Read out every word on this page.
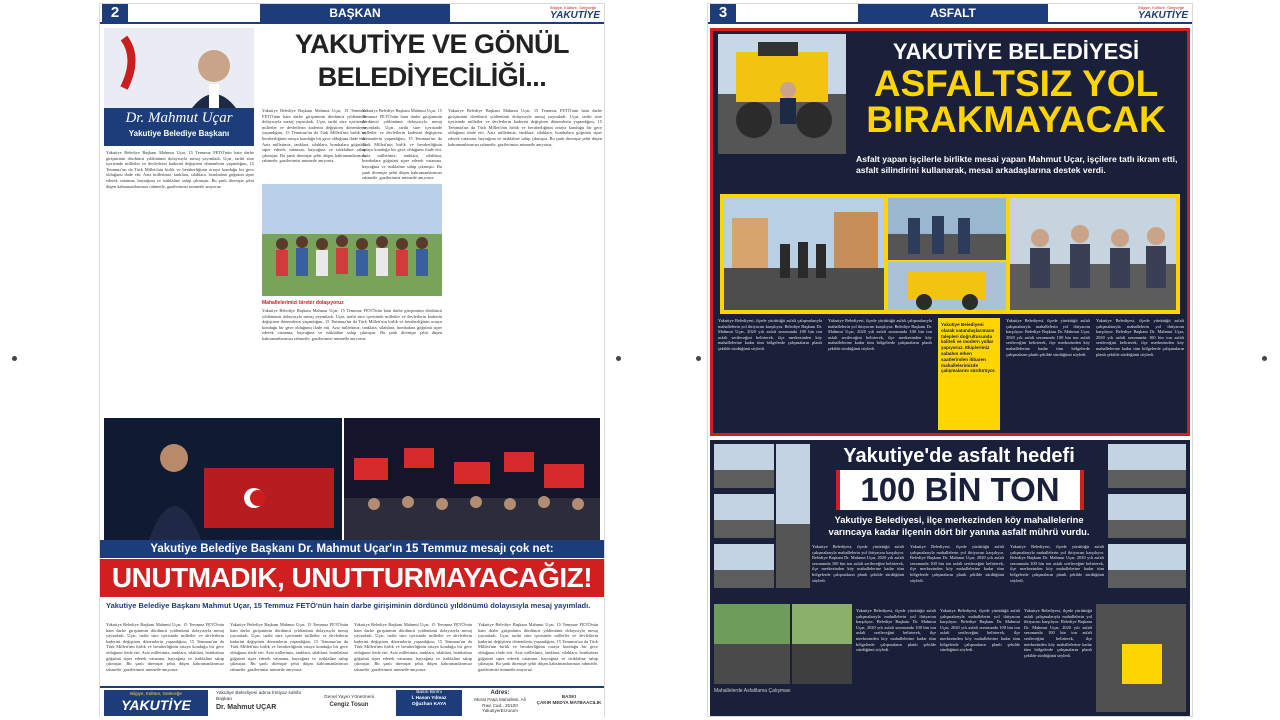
2	BAŞKAN	Bilgiye, Kültüre, Geleceğe
YAKUTİYE
Dr. Mahmut Uçar
Yakutiye Belediye Başkanı
YAKUTİYE VE GÖNÜL
BELEDİYECİLİĞİ...
Yakutiye Belediye Başkanı Mahmut Uçar, 15 Temmuz FETÖ'nün hain darbe girişiminin dördüncü yıldönümü dolayısıyla mesaj yayımladı. Uçar, tarihi süre içerisinde milletler ve devletlerin kaderini değiştiren dönemlerin yaşandığını, 15 Temmuz'un da Türk Milleti'nin birlik ve beraberliğinin ortaya konduğu bir gece olduğunu ifade etti. Aziz milletimiz, tanklara, silahlara, bombalara göğsünü siper ederek vatanına, bayrağına ve istiklaline sahip çıkmıştır. Bu şanlı direnişte şehit düşen kahramanlarımızı rahmetle, gazilerimizi minnetle anıyoruz.
Yakutiye Belediye Başkanı Mahmut Uçar, 15 Temmuz FETÖ'nün hain darbe girişiminin dördüncü yıldönümü dolayısıyla mesaj yayımladı. Uçar, tarihi süre içerisinde milletler ve devletlerin kaderini değiştiren dönemlerin yaşandığını, 15 Temmuz'un da Türk Milleti'nin birlik ve beraberliğinin ortaya konduğu bir gece olduğunu ifade etti. Aziz milletimiz, tanklara, silahlara, bombalara göğsünü siper ederek vatanına, bayrağına ve istiklaline sahip çıkmıştır. Bu şanlı direnişte şehit düşen kahramanlarımızı rahmetle, gazilerimizi minnetle anıyoruz.
Yakutiye Belediye Başkanı Mahmut Uçar, 15 Temmuz FETÖ'nün hain darbe girişiminin dördüncü yıldönümü dolayısıyla mesaj yayımladı. Uçar, tarihi süre içerisinde milletler ve devletlerin kaderini değiştiren dönemlerin yaşandığını, 15 Temmuz'un da Türk Milleti'nin birlik ve beraberliğinin ortaya konduğu bir gece olduğunu ifade etti. Aziz milletimiz, tanklara, silahlara, bombalara göğsünü siper ederek vatanına, bayrağına ve istiklaline sahip çıkmıştır. Bu şanlı direnişte şehit düşen kahramanlarımızı rahmetle, gazilerimizi minnetle anıyoruz.
Yakutiye Belediye Başkanı Mahmut Uçar, 15 Temmuz FETÖ'nün hain darbe girişiminin dördüncü yıldönümü dolayısıyla mesaj yayımladı. Uçar, tarihi süre içerisinde milletler ve devletlerin kaderini değiştiren dönemlerin yaşandığını, 15 Temmuz'un da Türk Milleti'nin birlik ve beraberliğinin ortaya konduğu bir gece olduğunu ifade etti. Aziz milletimiz, tanklara, silahlara, bombalara göğsünü siper ederek vatanına, bayrağına ve istiklaline sahip çıkmıştır. Bu şanlı direnişte şehit düşen kahramanlarımızı rahmetle, gazilerimizi minnetle anıyoruz.
Mahallelerimizi birebir dolaşıyoruz
Yakutiye Belediye Başkanı Mahmut Uçar, 15 Temmuz FETÖ'nün hain darbe girişiminin dördüncü yıldönümü dolayısıyla mesaj yayımladı. Uçar, tarihi süre içerisinde milletler ve devletlerin kaderini değiştiren dönemlerin yaşandığını, 15 Temmuz'un da Türk Milleti'nin birlik ve beraberliğinin ortaya konduğu bir gece olduğunu ifade etti. Aziz milletimiz, tanklara, silahlara, bombalara göğsünü siper ederek vatanına, bayrağına ve istiklaline sahip çıkmıştır. Bu şanlı direnişte şehit düşen kahramanlarımızı rahmetle, gazilerimizi minnetle anıyoruz.
Yakutiye Belediye Başkanı Dr. Mahmut Uçar'ın 15 Temmuz mesajı çok net:
UNUTMADIK, UNUTTURMAYACAĞIZ!
Yakutiye Belediye Başkanı Mahmut Uçar, 15 Temmuz FETÖ'nün hain darbe girişiminin dördüncü yıldönümü dolayısıyla mesaj yayımladı.
Yakutiye Belediye Başkanı Mahmut Uçar, 15 Temmuz FETÖ'nün hain darbe girişiminin dördüncü yıldönümü dolayısıyla mesaj yayımladı. Uçar, tarihi süre içerisinde milletler ve devletlerin kaderini değiştiren dönemlerin yaşandığını, 15 Temmuz'un da Türk Milleti'nin birlik ve beraberliğinin ortaya konduğu bir gece olduğunu ifade etti. Aziz milletimiz, tanklara, silahlara, bombalara göğsünü siper ederek vatanına, bayrağına ve istiklaline sahip çıkmıştır. Bu şanlı direnişte şehit düşen kahramanlarımızı rahmetle, gazilerimizi minnetle anıyoruz.
Yakutiye Belediye Başkanı Mahmut Uçar, 15 Temmuz FETÖ'nün hain darbe girişiminin dördüncü yıldönümü dolayısıyla mesaj yayımladı. Uçar, tarihi süre içerisinde milletler ve devletlerin kaderini değiştiren dönemlerin yaşandığını, 15 Temmuz'un da Türk Milleti'nin birlik ve beraberliğinin ortaya konduğu bir gece olduğunu ifade etti. Aziz milletimiz, tanklara, silahlara, bombalara göğsünü siper ederek vatanına, bayrağına ve istiklaline sahip çıkmıştır. Bu şanlı direnişte şehit düşen kahramanlarımızı rahmetle, gazilerimizi minnetle anıyoruz.
Yakutiye Belediye Başkanı Mahmut Uçar, 15 Temmuz FETÖ'nün hain darbe girişiminin dördüncü yıldönümü dolayısıyla mesaj yayımladı. Uçar, tarihi süre içerisinde milletler ve devletlerin kaderini değiştiren dönemlerin yaşandığını, 15 Temmuz'un da Türk Milleti'nin birlik ve beraberliğinin ortaya konduğu bir gece olduğunu ifade etti. Aziz milletimiz, tanklara, silahlara, bombalara göğsünü siper ederek vatanına, bayrağına ve istiklaline sahip çıkmıştır. Bu şanlı direnişte şehit düşen kahramanlarımızı rahmetle, gazilerimizi minnetle anıyoruz.
Yakutiye Belediye Başkanı Mahmut Uçar, 15 Temmuz FETÖ'nün hain darbe girişiminin dördüncü yıldönümü dolayısıyla mesaj yayımladı. Uçar, tarihi süre içerisinde milletler ve devletlerin kaderini değiştiren dönemlerin yaşandığını, 15 Temmuz'un da Türk Milleti'nin birlik ve beraberliğinin ortaya konduğu bir gece olduğunu ifade etti. Aziz milletimiz, tanklara, silahlara, bombalara göğsünü siper ederek vatanına, bayrağına ve istiklaline sahip çıkmıştır. Bu şanlı direnişte şehit düşen kahramanlarımızı rahmetle, gazilerimizi minnetle anıyoruz.
Bilgiye, Kültüre, Geleceğe
YAKUTİYE
Yakutiye Belediyesi adına İmtiyaz sahibi Başkan
Dr. Mahmut UÇAR
Genel Yayın Yönetmeni
Cengiz Tosun
Basın Birimi
İ. Hasan Yılmaz
Oğuzhan KAYA
Adres:
Murat Paşa Mahallesi, Ali Ravi Cad., 25100 Yakutiye/Erzurum
BASKI
ÇAKIR MEDYA MATBAACILIK
3	ASFALT	Bilgiye, Kültüre, Geleceğe
YAKUTİYE
YAKUTİYE BELEDİYESİ
ASFALTSIZ YOL
BIRAKMAYACAK
Asfalt yapan işçilerle birlikte mesai yapan Mahmut Uçar, işçilere tatlı ikram etti, asfalt silindirini kullanarak, mesai arkadaşlarına destek verdi.
Yakutiye Belediyesi, ilçede yürüttüğü asfalt çalışmalarıyla mahallelerin yol ihtiyacını karşılıyor. Belediye Başkanı Dr. Mahmut Uçar, 2020 yılı asfalt sezonunda 100 bin ton asfalt serileceğini belirterek, ilçe merkezinden köy mahallelerine kadar tüm bölgelerde çalışmaların planlı şekilde sürdüğünü söyledi.
Yakutiye Belediyesi, ilçede yürüttüğü asfalt çalışmalarıyla mahallelerin yol ihtiyacını karşılıyor. Belediye Başkanı Dr. Mahmut Uçar, 2020 yılı asfalt sezonunda 100 bin ton asfalt serileceğini belirterek, ilçe merkezinden köy mahallelerine kadar tüm bölgelerde çalışmaların planlı şekilde sürdüğünü söyledi.
Yakutiye Belediyesi olarak vatandaşlarımızın talepleri doğrultusunda kaliteli ve modern yollar yapıyoruz. Ekiplerimiz sabahın erken saatlerinden itibaren mahallelerimizde çalışmalarını sürdürüyor.
Yakutiye Belediyesi, ilçede yürüttüğü asfalt çalışmalarıyla mahallelerin yol ihtiyacını karşılıyor. Belediye Başkanı Dr. Mahmut Uçar, 2020 yılı asfalt sezonunda 100 bin ton asfalt serileceğini belirterek, ilçe merkezinden köy mahallelerine kadar tüm bölgelerde çalışmaların planlı şekilde sürdüğünü söyledi.
Yakutiye Belediyesi, ilçede yürüttüğü asfalt çalışmalarıyla mahallelerin yol ihtiyacını karşılıyor. Belediye Başkanı Dr. Mahmut Uçar, 2020 yılı asfalt sezonunda 100 bin ton asfalt serileceğini belirterek, ilçe merkezinden köy mahallelerine kadar tüm bölgelerde çalışmaların planlı şekilde sürdüğünü söyledi.
Yakutiye'de asfalt hedefi
100 BİN TON
Yakutiye Belediyesi, ilçe merkezinden köy mahallelerine varıncaya kadar ilçenin dört bir yanına asfalt mührü vurdu.
Yakutiye Belediyesi, ilçede yürüttüğü asfalt çalışmalarıyla mahallelerin yol ihtiyacını karşılıyor. Belediye Başkanı Dr. Mahmut Uçar, 2020 yılı asfalt sezonunda 100 bin ton asfalt serileceğini belirterek, ilçe merkezinden köy mahallelerine kadar tüm bölgelerde çalışmaların planlı şekilde sürdüğünü söyledi.
Yakutiye Belediyesi, ilçede yürüttüğü asfalt çalışmalarıyla mahallelerin yol ihtiyacını karşılıyor. Belediye Başkanı Dr. Mahmut Uçar, 2020 yılı asfalt sezonunda 100 bin ton asfalt serileceğini belirterek, ilçe merkezinden köy mahallelerine kadar tüm bölgelerde çalışmaların planlı şekilde sürdüğünü söyledi.
Yakutiye Belediyesi, ilçede yürüttüğü asfalt çalışmalarıyla mahallelerin yol ihtiyacını karşılıyor. Belediye Başkanı Dr. Mahmut Uçar, 2020 yılı asfalt sezonunda 100 bin ton asfalt serileceğini belirterek, ilçe merkezinden köy mahallelerine kadar tüm bölgelerde çalışmaların planlı şekilde sürdüğünü söyledi.
Yakutiye Belediyesi, ilçede yürüttüğü asfalt çalışmalarıyla mahallelerin yol ihtiyacını karşılıyor. Belediye Başkanı Dr. Mahmut Uçar, 2020 yılı asfalt sezonunda 100 bin ton asfalt serileceğini belirterek, ilçe merkezinden köy mahallelerine kadar tüm bölgelerde çalışmaların planlı şekilde sürdüğünü söyledi.
Yakutiye Belediyesi, ilçede yürüttüğü asfalt çalışmalarıyla mahallelerin yol ihtiyacını karşılıyor. Belediye Başkanı Dr. Mahmut Uçar, 2020 yılı asfalt sezonunda 100 bin ton asfalt serileceğini belirterek, ilçe merkezinden köy mahallelerine kadar tüm bölgelerde çalışmaların planlı şekilde sürdüğünü söyledi.
Yakutiye Belediyesi, ilçede yürüttüğü asfalt çalışmalarıyla mahallelerin yol ihtiyacını karşılıyor. Belediye Başkanı Dr. Mahmut Uçar, 2020 yılı asfalt sezonunda 100 bin ton asfalt serileceğini belirterek, ilçe merkezinden köy mahallelerine kadar tüm bölgelerde çalışmaların planlı şekilde sürdüğünü söyledi.
Mahallelerde Asfaltlama Çalışması
